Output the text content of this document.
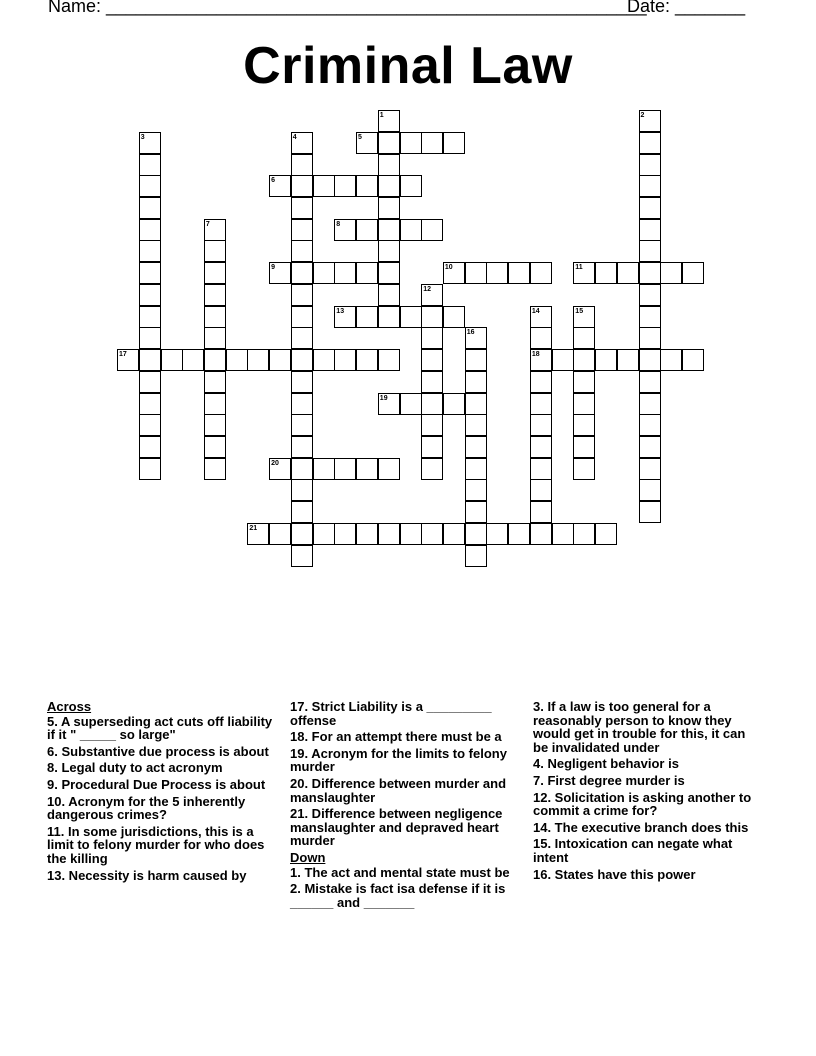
Name: ______________________________________________________
Date: _______
Criminal Law
1	2
3	4	5
6
7	8
9	10	11
12
13	14
18
15
16
17
19
20
21

Across

5. A superseding act cuts off liability if it " _____ so large"

6. Substantive due process is about

8. Legal duty to act acronym

9. Procedural Due Process is about

10. Acronym for the 5 inherently dangerous crimes?

11. In some jurisdictions, this is a limit to felony murder for who does the killing

13. Necessity is harm caused by

17. Strict Liability is a _________ offense

18. For an attempt there must be a

19. Acronym for the limits to felony murder

20. Difference between murder and manslaughter

21. Difference between negligence manslaughter and depraved heart murder

Down

1. The act and mental state must be

2. Mistake is fact isa defense if it is ______ and _______

3. If a law is too general for a reasonably person to know they would get in trouble for this, it can be invalidated under

4. Negligent behavior is

7. First degree murder is

12. Solicitation is asking another to commit a crime for?

14. The executive branch does this

15. Intoxication can negate what intent

16. States have this power
